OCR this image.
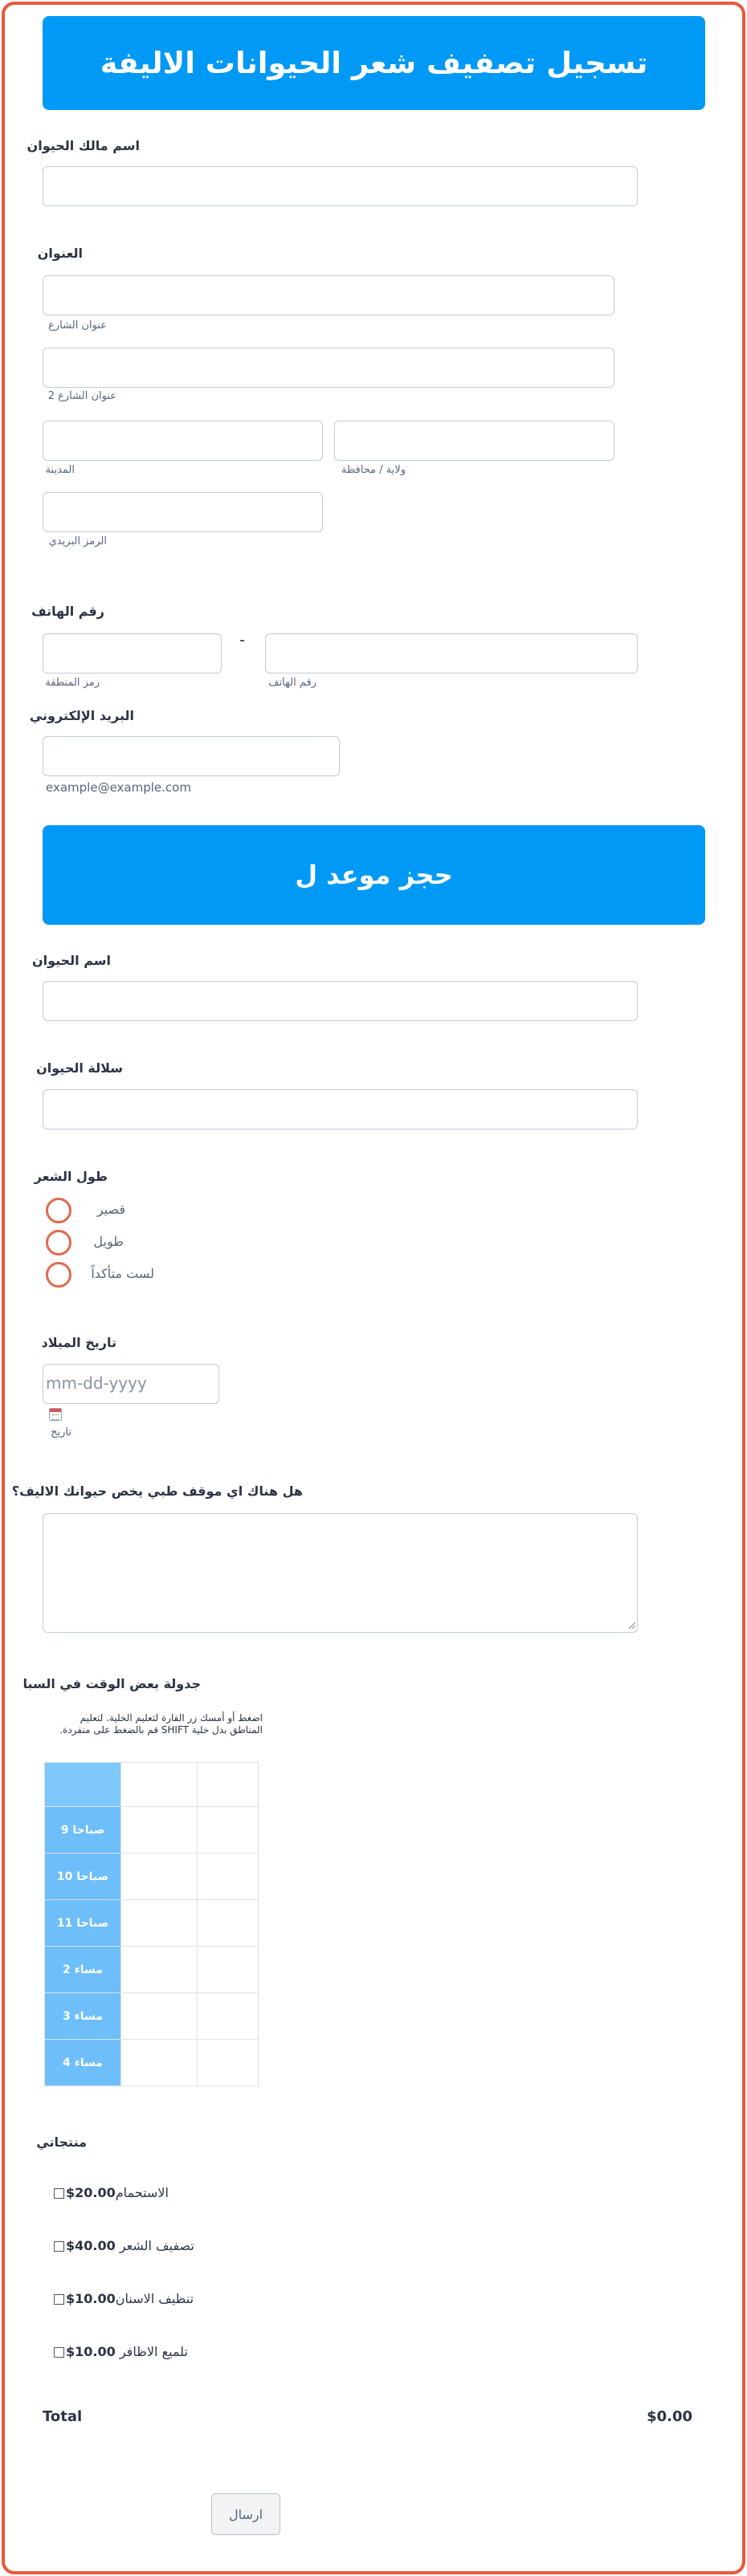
تسجيل تصفيف شعر الحيوانات الاليفة
اسم مالك الحيوان
العنوان
عنوان الشارع
عنوان الشارع 2
المدينة	ولاية / محافظة
الرمز البريدي
رقم الهاتف
-
رمز المنطقة	رقم الهاتف
البريد الإلكتروني
example@example.com
حجز موعد ل
اسم الحيوان
سلالة الحيوان
طول الشعر
قصير
طويل
لست متأكداً
تاريخ الميلاد
mm-dd-yyyy
تاريخ
هل هناك اي موقف طبي يخص حيوانك الاليف؟
جدولة بعض الوقت في السبا
اضغط أو أمسك زر الفارة لتعليم الخلية. لتعليم المناطق بدل خلية SHIFT قم بالضغط على منفردة.
	الاثنين	الثلاثاء
صباحا 9		
صباحا 10		
صباحا 11		
مساء 2		
مساء 3		
مساء 4		
منتجاتي
$20.00الاستحمام
$40.00 تصفيف الشعر
$10.00تنظيف الاسنان
$10.00 تلميع الاظافر
Total	$0.00
ارسال
